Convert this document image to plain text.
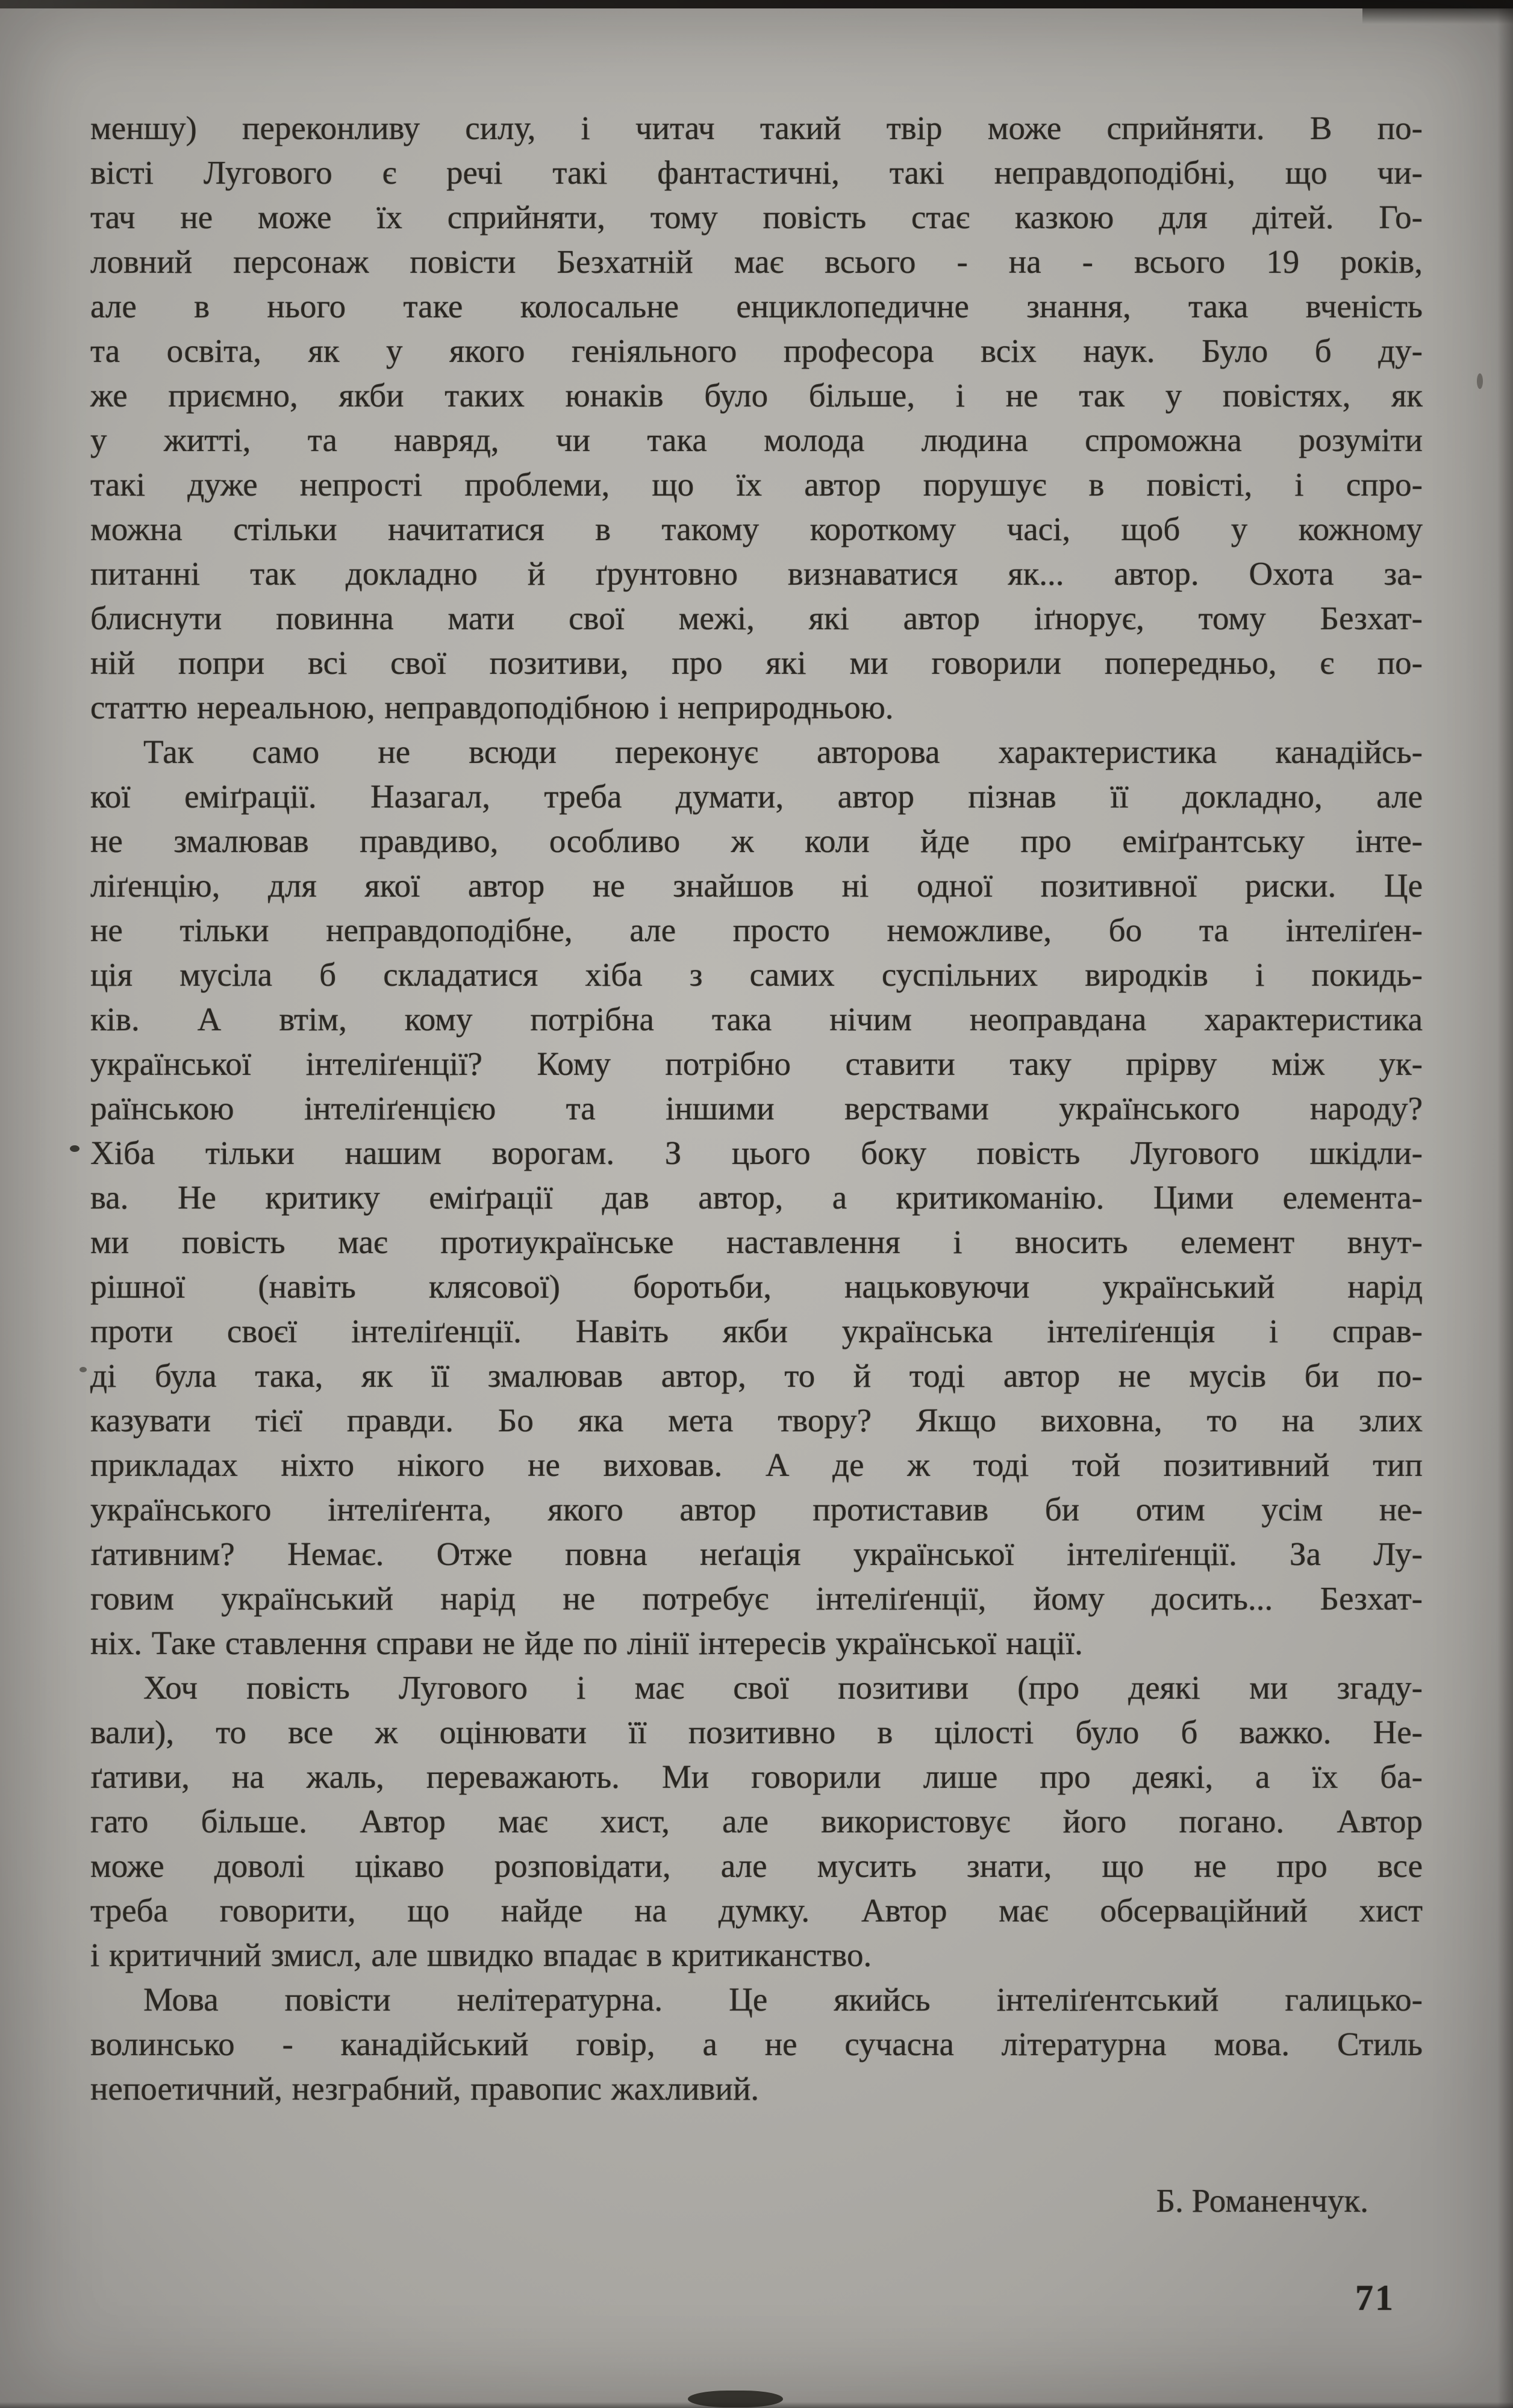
меншу) переконливу силу, і читач такий твір може сприйняти. В по-
вісті Лугового є речі такі фантастичні, такі неправдоподібні, що чи-
тач не може їх сприйняти, тому повість стає казкою для дітей. Го-
ловний персонаж повісти Безхатній має всього - на - всього 19 років,
але в нього таке колосальне енциклопедичне знання, така вченість
та освіта, як у якого геніяльного професора всіх наук. Було б ду-
же приємно, якби таких юнаків було більше, і не так у повістях, як
у житті, та навряд, чи така молода людина спроможна розуміти
такі дуже непрості проблеми, що їх автор порушує в повісті, і спро-
можна стільки начитатися в такому короткому часі, щоб у кожному
питанні так докладно й ґрунтовно визнаватися як... автор. Охота за-
блиснути повинна мати свої межі, які автор іґнорує, тому Безхат-
ній попри всі свої позитиви, про які ми говорили попередньо, є по-
статтю нереальною, неправдоподібною і неприродньою.
Так само не всюди переконує авторова характеристика канадійсь-
кої еміґрації. Назагал, треба думати, автор пізнав її докладно, але
не змалював правдиво, особливо ж коли йде про еміґрантську інте-
ліґенцію, для якої автор не знайшов ні одної позитивної риски. Це
не тільки неправдоподібне, але просто неможливе, бо та інтеліґен-
ція мусіла б складатися хіба з самих суспільних виродків і покидь-
ків. А втім, кому потрібна така нічим неоправдана характеристика
української інтеліґенції? Кому потрібно ставити таку прірву між ук-
раїнською інтеліґенцією та іншими верствами українського народу?
Хіба тільки нашим ворогам. З цього боку повість Лугового шкідли-
ва. Не критику еміґрації дав автор, а критикоманію. Цими елемента-
ми повість має протиукраїнське наставлення і вносить елемент внут-
рішної (навіть клясової) боротьби, нацьковуючи український нарід
проти своєї інтеліґенції. Навіть якби українська інтеліґенція і справ-
ді була така, як її змалював автор, то й тоді автор не мусів би по-
казувати тієї правди. Бо яка мета твору? Якщо виховна, то на злих
прикладах ніхто нікого не виховав. А де ж тоді той позитивний тип
українського інтеліґента, якого автор протиставив би отим усім не-
ґативним? Немає. Отже повна неґація української інтеліґенції. За Лу-
говим український нарід не потребує інтеліґенції, йому досить... Безхат-
ніх. Таке ставлення справи не йде по лінії інтересів української нації.
Хоч повість Лугового і має свої позитиви (про деякі ми згаду-
вали), то все ж оцінювати її позитивно в цілості було б важко. Не-
ґативи, на жаль, переважають. Ми говорили лише про деякі, а їх ба-
гато більше. Автор має хист, але використовує його погано. Автор
може доволі цікаво розповідати, але мусить знати, що не про все
треба говорити, що найде на думку. Автор має обсерваційний хист
і критичний змисл, але швидко впадає в критиканство.
Мова повісти нелітературна. Це якийсь інтеліґентський галицько-
волинсько - канадійський говір, а не сучасна літературна мова. Стиль
непоетичний, незграбний, правопис жахливий.
Б. Романенчук.
71
